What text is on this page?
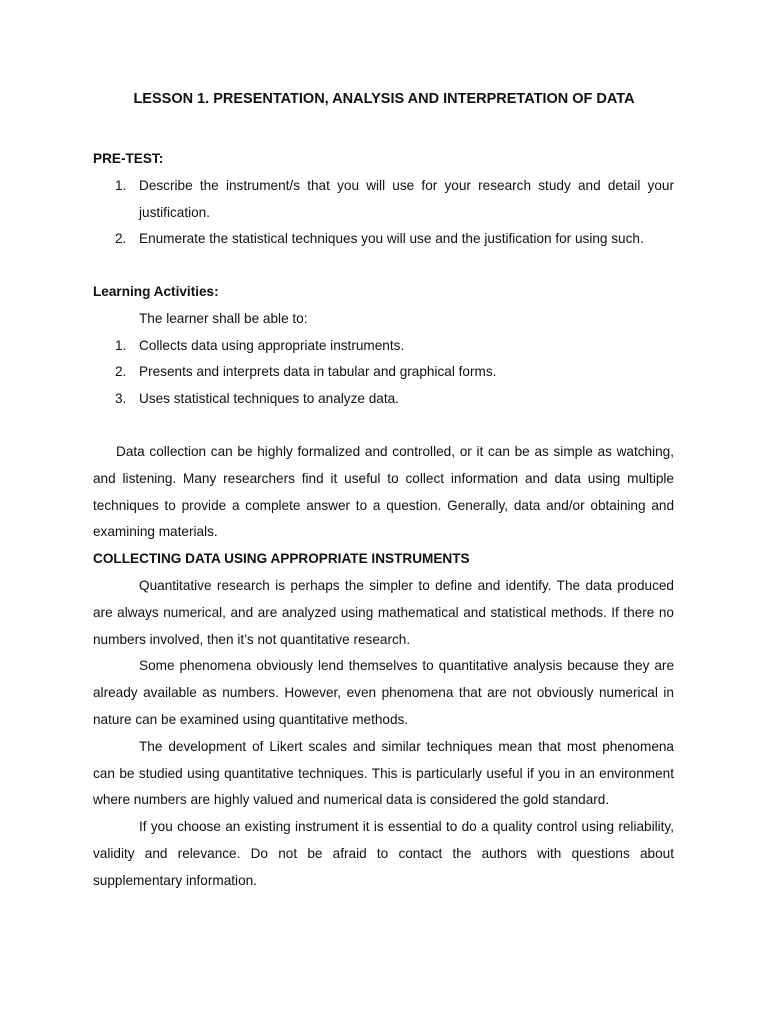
LESSON 1. PRESENTATION, ANALYSIS AND INTERPRETATION OF DATA

PRE-TEST:

1. Describe the instrument/s that you will use for your research study and detail your justification.
2. Enumerate the statistical techniques you will use and the justification for using such.

Learning Activities:

The learner shall be able to:

1. Collects data using appropriate instruments.
2. Presents and interprets data in tabular and graphical forms.
3. Uses statistical techniques to analyze data.

Data collection can be highly formalized and controlled, or it can be as simple as watching, and listening. Many researchers find it useful to collect information and data using multiple techniques to provide a complete answer to a question. Generally, data and/or obtaining and examining materials.

COLLECTING DATA USING APPROPRIATE INSTRUMENTS

Quantitative research is perhaps the simpler to define and identify. The data produced are always numerical, and are analyzed using mathematical and statistical methods. If there no numbers involved, then it’s not quantitative research.

Some phenomena obviously lend themselves to quantitative analysis because they are already available as numbers. However, even phenomena that are not obviously numerical in nature can be examined using quantitative methods.

The development of Likert scales and similar techniques mean that most phenomena can be studied using quantitative techniques. This is particularly useful if you in an environment where numbers are highly valued and numerical data is considered the gold standard.

If you choose an existing instrument it is essential to do a quality control using reliability, validity and relevance. Do not be afraid to contact the authors with questions about supplementary information.
